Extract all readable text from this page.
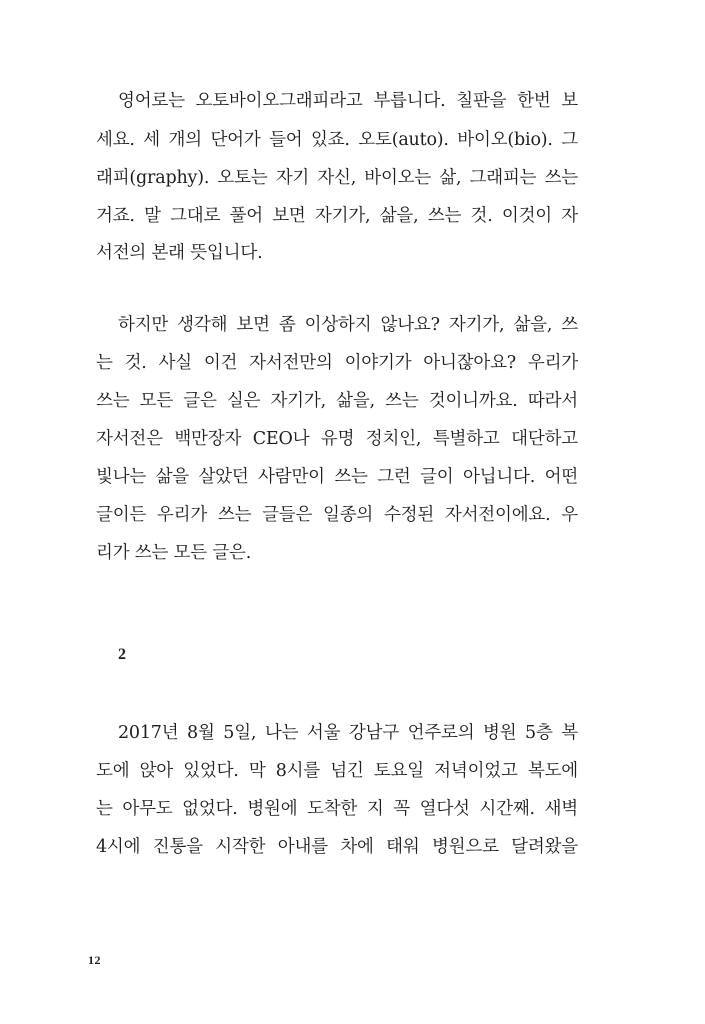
영어로는 오토바이오그래피라고 부릅니다. 칠판을 한번 보
세요. 세 개의 단어가 들어 있죠. 오토(auto). 바이오(bio). 그
래피(graphy). 오토는 자기 자신, 바이오는 삶, 그래피는 쓰는
거죠. 말 그대로 풀어 보면 자기가, 삶을, 쓰는 것. 이것이 자
서전의 본래 뜻입니다.
하지만 생각해 보면 좀 이상하지 않나요? 자기가, 삶을, 쓰
는 것. 사실 이건 자서전만의 이야기가 아니잖아요? 우리가
쓰는 모든 글은 실은 자기가, 삶을, 쓰는 것이니까요. 따라서
자서전은 백만장자 CEO나 유명 정치인, 특별하고 대단하고
빛나는 삶을 살았던 사람만이 쓰는 그런 글이 아닙니다. 어떤
글이든 우리가 쓰는 글들은 일종의 수정된 자서전이에요. 우
리가 쓰는 모든 글은.
2
2017년 8월 5일, 나는 서울 강남구 언주로의 병원 5층 복
도에 앉아 있었다. 막 8시를 넘긴 토요일 저녁이었고 복도에
는 아무도 없었다. 병원에 도착한 지 꼭 열다섯 시간째. 새벽
4시에 진통을 시작한 아내를 차에 태워 병원으로 달려왔을
12
